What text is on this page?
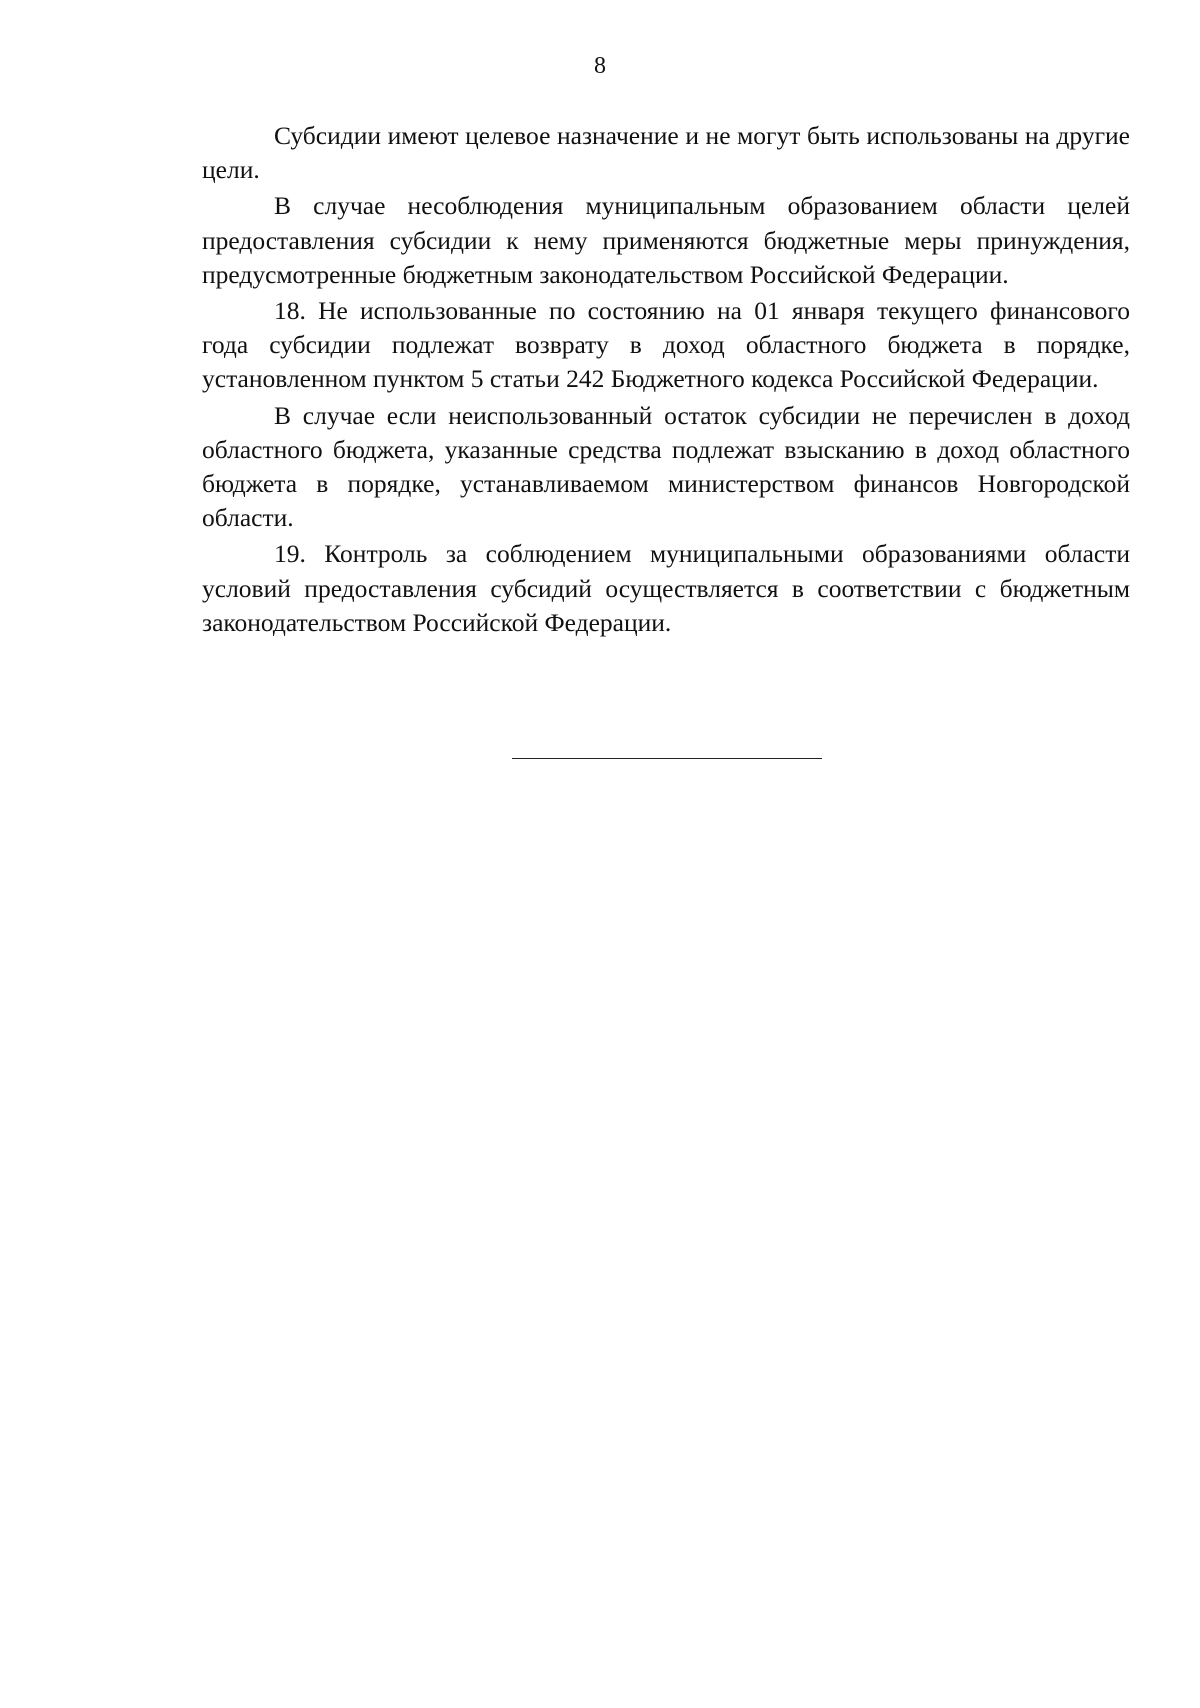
8

Субсидии имеют целевое назначение и не могут быть использованы на другие цели.

В случае несоблюдения муниципальным образованием области целей предоставления субсидии к нему применяются бюджетные меры принуждения, предусмотренные бюджетным законодательством Российской Федерации.

18. Не использованные по состоянию на 01 января текущего финансового года субсидии подлежат возврату в доход областного бюджета в порядке, установленном пунктом 5 статьи 242 Бюджетного кодекса Российской Федерации.

В случае если неиспользованный остаток субсидии не перечислен в доход областного бюджета, указанные средства подлежат взысканию в доход областного бюджета в порядке, устанавливаемом министерством финансов Новгородской области.

19. Контроль за соблюдением муниципальными образованиями области условий предоставления субсидий осуществляется в соответствии с бюджетным законодательством Российской Федерации.
